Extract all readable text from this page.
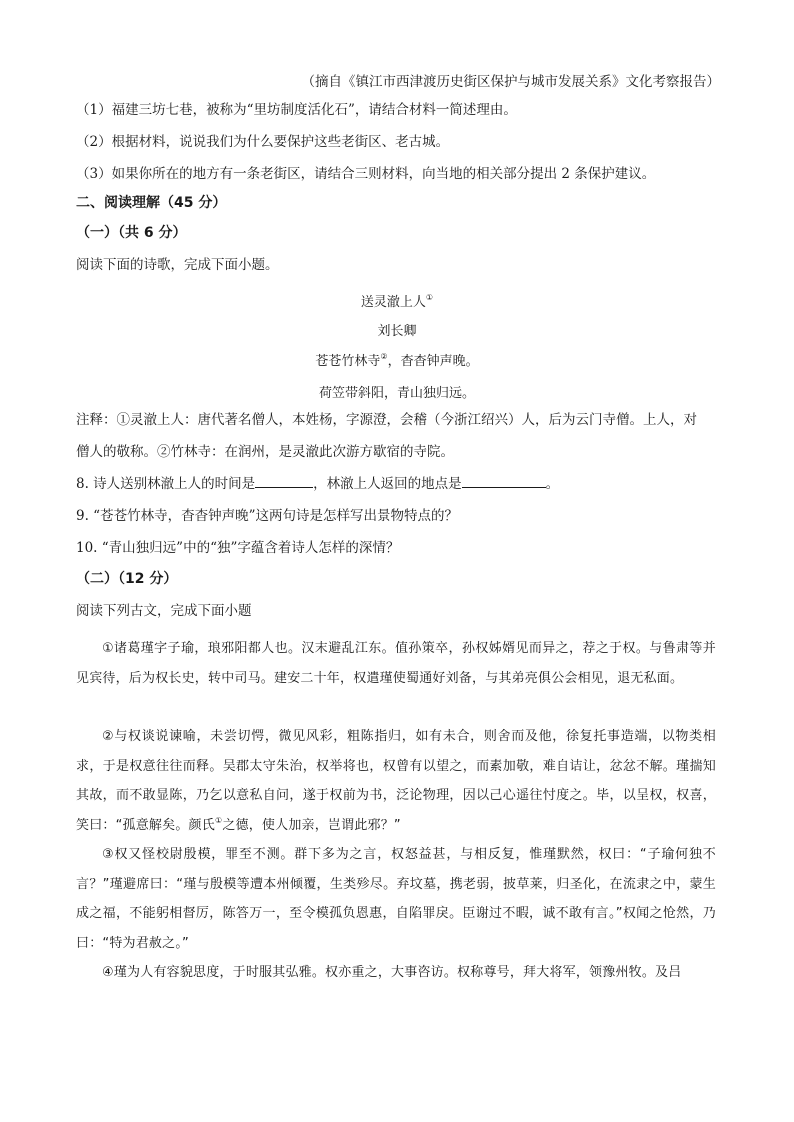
（摘自《镇江市西津渡历史街区保护与城市发展关系》文化考察报告）
（1）福建三坊七巷，被称为“里坊制度活化石”，请结合材料一简述理由。
（2）根据材料，说说我们为什么要保护这些老街区、老古城。
（3）如果你所在的地方有一条老街区，请结合三则材料，向当地的相关部分提出 2 条保护建议。
二、阅读理解（45 分）
（一）（共 6 分）
阅读下面的诗歌，完成下面小题。
送灵澈上人①
刘长卿
苍苍竹林寺②，杳杳钟声晚。
荷笠带斜阳，青山独归远。
注释：①灵澈上人：唐代著名僧人，本姓杨，字源澄，会稽（今浙江绍兴）人，后为云门寺僧。上人，对
僧人的敬称。②竹林寺：在润州，是灵澈此次游方歇宿的寺院。
8. 诗人送别林澈上人的时间是	，林澈上人返回的地点是	。
9. “苍苍竹林寺，杳杳钟声晚”这两句诗是怎样写出景物特点的？
10. “青山独归远”中的“独”字蕴含着诗人怎样的深情？
（二）（12 分）
阅读下列古文，完成下面小题
①诸葛瑾字子瑜，琅邪阳都人也。汉末避乱江东。值孙策卒，孙权姊婿见而异之，荐之于权。与鲁肃等并见宾待，后为权长史，转中司马。建安二十年，权遣瑾使蜀通好刘备，与其弟亮俱公会相见，退无私面。
②与权谈说谏喻，未尝切愕，微见风彩，粗陈指归，如有未合，则舍而及他，徐复托事造端，以物类相求，于是权意往往而释。吴郡太守朱治，权举将也，权曾有以望之，而素加敬，难自诘让，忿忿不解。瑾揣知其故，而不敢显陈，乃乞以意私自问，遂于权前为书，泛论物理，因以己心遥往忖度之。毕，以呈权，权喜，笑曰：“孤意解矣。颜氏①之德，使人加亲，岂谓此邪？”
③权又怪校尉殷模，罪至不测。群下多为之言，权怒益甚，与相反复，惟瑾默然，权曰：“子瑜何独不言？”瑾避席曰：“瑾与殷模等遭本州倾覆，生类殄尽。弃坟墓，携老弱，披草莱，归圣化，在流隶之中，蒙生成之福，不能躬相督厉，陈答万一，至令模孤负恩惠，自陷罪戾。臣谢过不暇，诚不敢有言。”权闻之怆然，乃曰：“特为君赦之。”
④瑾为人有容貌思度，于时服其弘雅。权亦重之，大事咨访。权称尊号，拜大将军，领豫州牧。及吕
